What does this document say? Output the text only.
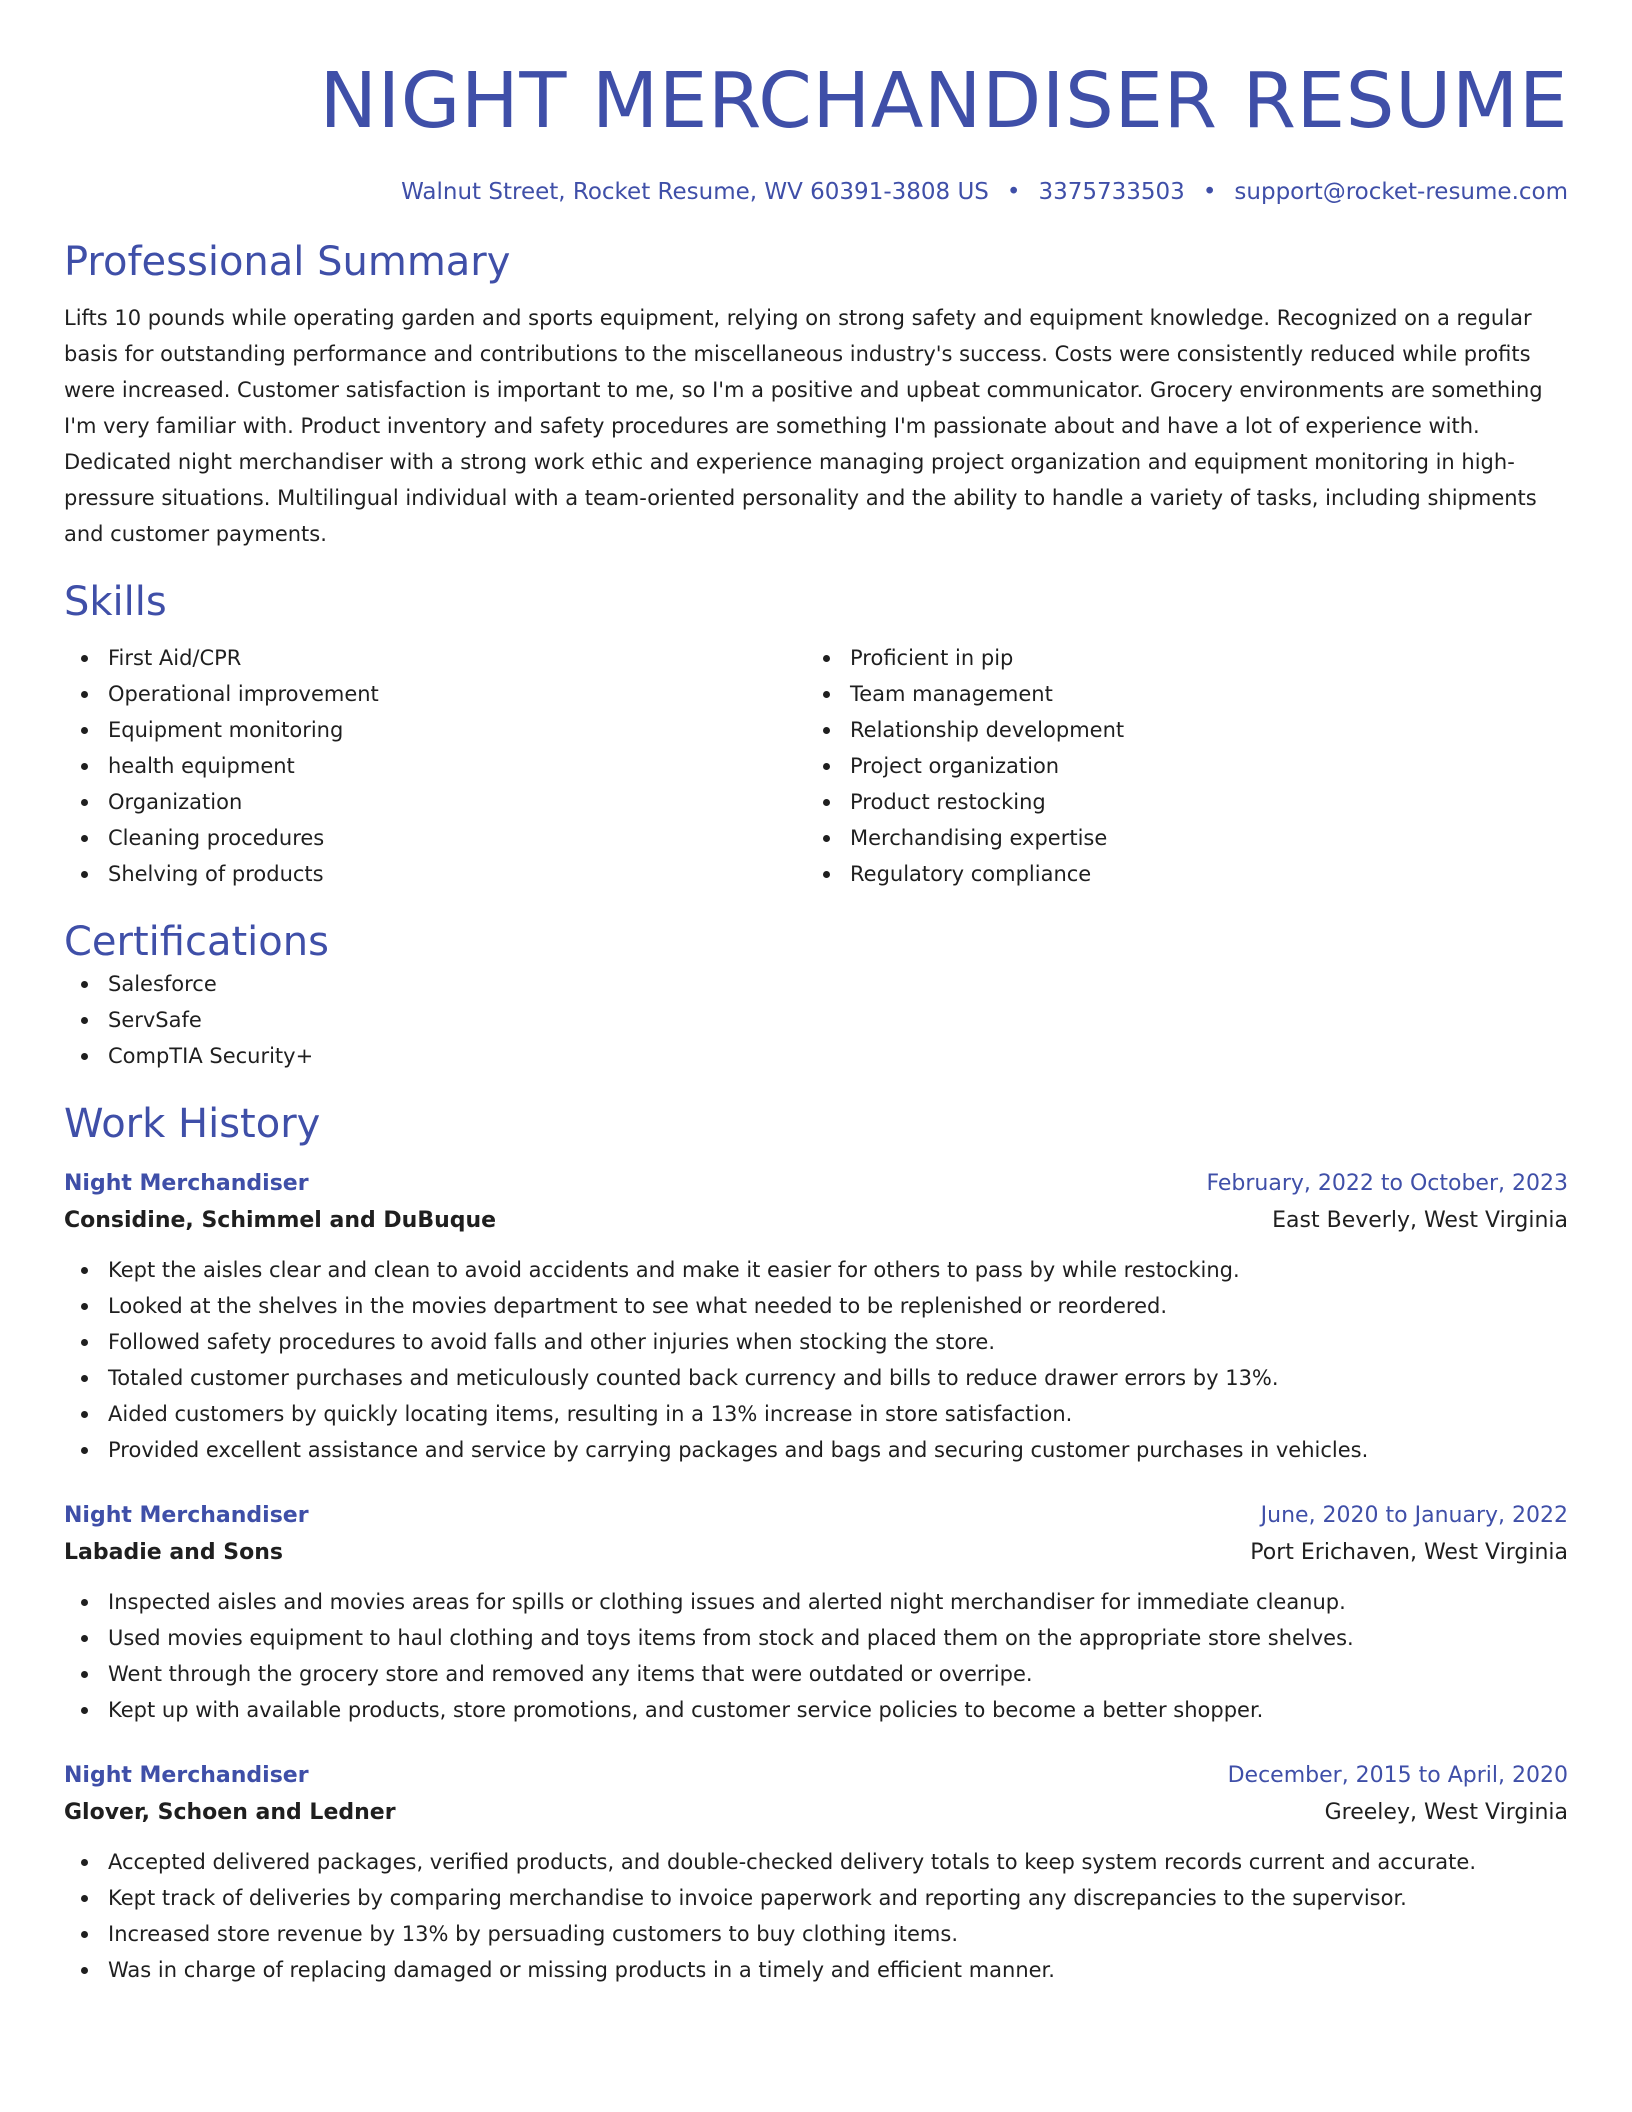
NIGHT MERCHANDISER RESUME
Walnut Street, Rocket Resume, WV 60391-3808 US • 3375733503 • support@rocket-resume.com
Professional Summary

Lifts 10 pounds while operating garden and sports equipment, relying on strong safety and equipment knowledge. Recognized on a regular basis for outstanding performance and contributions to the miscellaneous industry's success. Costs were consistently reduced while profits were increased. Customer satisfaction is important to me, so I'm a positive and upbeat communicator. Grocery environments are something I'm very familiar with. Product inventory and safety procedures are something I'm passionate about and have a lot of experience with. Dedicated night merchandiser with a strong work ethic and experience managing project organization and equipment monitoring in high-pressure situations. Multilingual individual with a team-oriented personality and the ability to handle a variety of tasks, including shipments and customer payments.

Skills
First Aid/CPR
Operational improvement
Equipment monitoring
health equipment
Organization
Cleaning procedures
Shelving of products
Proficient in pip
Team management
Relationship development
Project organization
Product restocking
Merchandising expertise
Regulatory compliance
Certifications
Salesforce
ServSafe
CompTIA Security+
Work History
Night Merchandiser	February, 2022 to October, 2023
Considine, Schimmel and DuBuque	East Beverly, West Virginia
Kept the aisles clear and clean to avoid accidents and make it easier for others to pass by while restocking.
Looked at the shelves in the movies department to see what needed to be replenished or reordered.
Followed safety procedures to avoid falls and other injuries when stocking the store.
Totaled customer purchases and meticulously counted back currency and bills to reduce drawer errors by 13%.
Aided customers by quickly locating items, resulting in a 13% increase in store satisfaction.
Provided excellent assistance and service by carrying packages and bags and securing customer purchases in vehicles.
Night Merchandiser	June, 2020 to January, 2022
Labadie and Sons	Port Erichaven, West Virginia
Inspected aisles and movies areas for spills or clothing issues and alerted night merchandiser for immediate cleanup.
Used movies equipment to haul clothing and toys items from stock and placed them on the appropriate store shelves.
Went through the grocery store and removed any items that were outdated or overripe.
Kept up with available products, store promotions, and customer service policies to become a better shopper.
Night Merchandiser	December, 2015 to April, 2020
Glover, Schoen and Ledner	Greeley, West Virginia
Accepted delivered packages, verified products, and double-checked delivery totals to keep system records current and accurate.
Kept track of deliveries by comparing merchandise to invoice paperwork and reporting any discrepancies to the supervisor.
Increased store revenue by 13% by persuading customers to buy clothing items.
Was in charge of replacing damaged or missing products in a timely and efficient manner.
